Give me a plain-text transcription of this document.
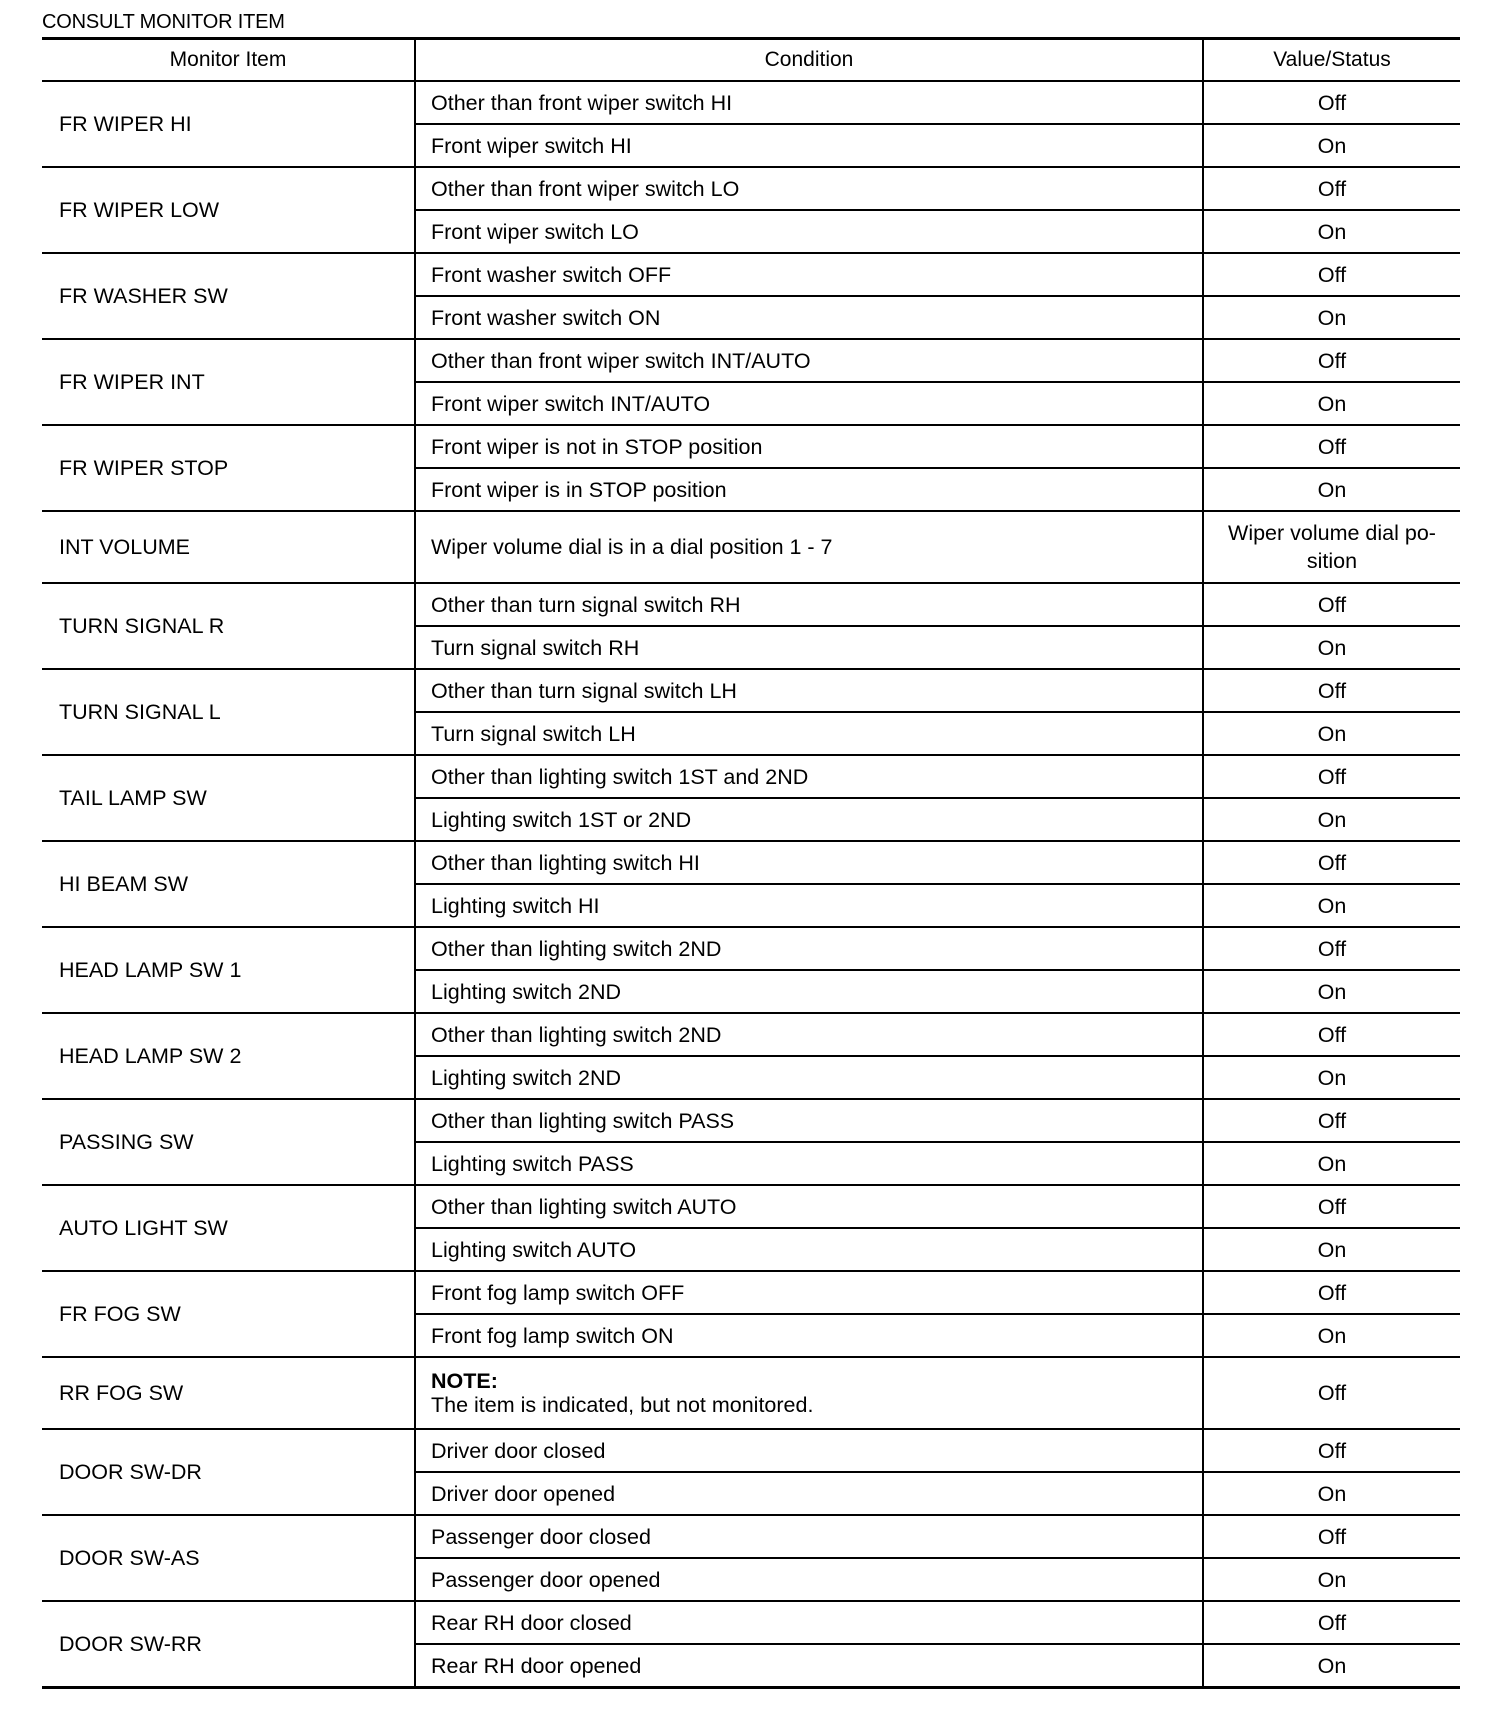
CONSULT MONITOR ITEM
Monitor Item	Condition	Value/Status
FR WIPER HI	Other than front wiper switch HI	Off
	Front wiper switch HI	On
FR WIPER LOW	Other than front wiper switch LO	Off
	Front wiper switch LO	On
FR WASHER SW	Front washer switch OFF	Off
	Front washer switch ON	On
FR WIPER INT	Other than front wiper switch INT/AUTO	Off
	Front wiper switch INT/AUTO	On
FR WIPER STOP	Front wiper is not in STOP position	Off
	Front wiper is in STOP position	On
INT VOLUME	Wiper volume dial is in a dial position 1 - 7	Wiper volume dial po-
sition
TURN SIGNAL R	Other than turn signal switch RH	Off
	Turn signal switch RH	On
TURN SIGNAL L	Other than turn signal switch LH	Off
	Turn signal switch LH	On
TAIL LAMP SW	Other than lighting switch 1ST and 2ND	Off
	Lighting switch 1ST or 2ND	On
HI BEAM SW	Other than lighting switch HI	Off
	Lighting switch HI	On
HEAD LAMP SW 1	Other than lighting switch 2ND	Off
	Lighting switch 2ND	On
HEAD LAMP SW 2	Other than lighting switch 2ND	Off
	Lighting switch 2ND	On
PASSING SW	Other than lighting switch PASS	Off
	Lighting switch PASS	On
AUTO LIGHT SW	Other than lighting switch AUTO	Off
	Lighting switch AUTO	On
FR FOG SW	Front fog lamp switch OFF	Off
	Front fog lamp switch ON	On
RR FOG SW	NOTE:
The item is indicated, but not monitored.	Off
DOOR SW-DR	Driver door closed	Off
	Driver door opened	On
DOOR SW-AS	Passenger door closed	Off
	Passenger door opened	On
DOOR SW-RR	Rear RH door closed	Off
	Rear RH door opened	On
